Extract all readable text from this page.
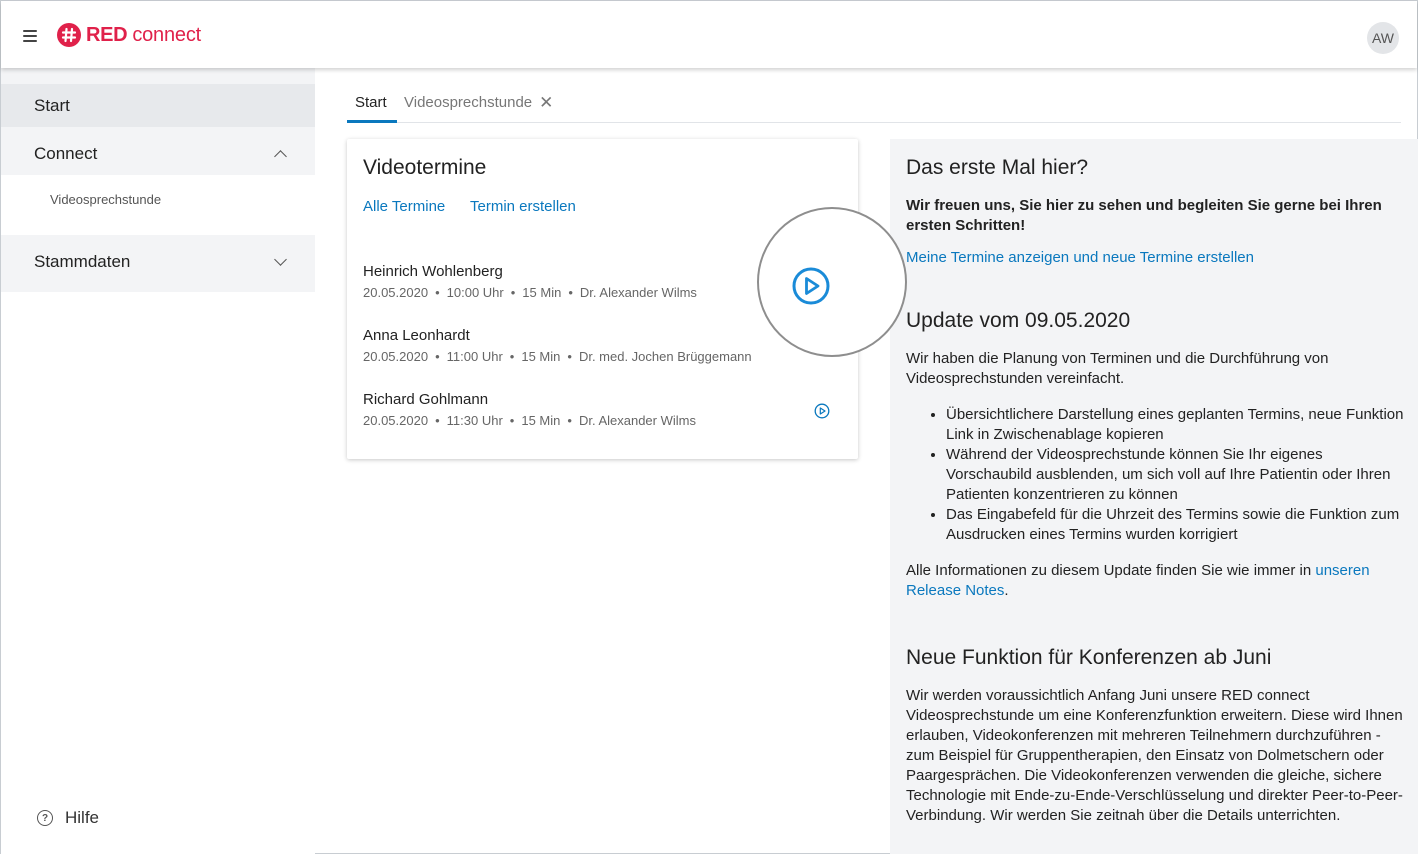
RED connect	AW
Start
Connect
Videosprechstunde
Stammdaten
? Hilfe
Start Videosprechstunde ✕
Videotermine
Alle Termine Termin erstellen
Heinrich Wohlenberg
20.05.2020 • 10:00 Uhr • 15 Min • Dr. Alexander Wilms
Anna Leonhardt
20.05.2020 • 11:00 Uhr • 15 Min • Dr. med. Jochen Brüggemann
Richard Gohlmann
20.05.2020 • 11:30 Uhr • 15 Min • Dr. Alexander Wilms
Das erste Mal hier?
Wir freuen uns, Sie hier zu sehen und begleiten Sie gerne bei Ihren ersten Schritten!
Meine Termine anzeigen und neue Termine erstellen
Update vom 09.05.2020
Wir haben die Planung von Terminen und die Durchführung von Videosprechstunden vereinfacht.
• Übersichtlichere Darstellung eines geplanten Termins, neue Funktion Link in Zwischenablage kopieren
• Während der Videosprechstunde können Sie Ihr eigenes Vorschaubild ausblenden, um sich voll auf Ihre Patientin oder Ihren Patienten konzentrieren zu können
• Das Eingabefeld für die Uhrzeit des Termins sowie die Funktion zum Ausdrucken eines Termins wurden korrigiert
Alle Informationen zu diesem Update finden Sie wie immer in unseren Release Notes.
Neue Funktion für Konferenzen ab Juni
Wir werden voraussichtlich Anfang Juni unsere RED connect Videosprechstunde um eine Konferenzfunktion erweitern. Diese wird Ihnen erlauben, Videokonferenzen mit mehreren Teilnehmern durchzuführen - zum Beispiel für Gruppentherapien, den Einsatz von Dolmetschern oder Paargesprächen. Die Videokonferenzen verwenden die gleiche, sichere Technologie mit Ende-zu-Ende-Verschlüsselung und direkter Peer-to-Peer-Verbindung. Wir werden Sie zeitnah über die Details unterrichten.
